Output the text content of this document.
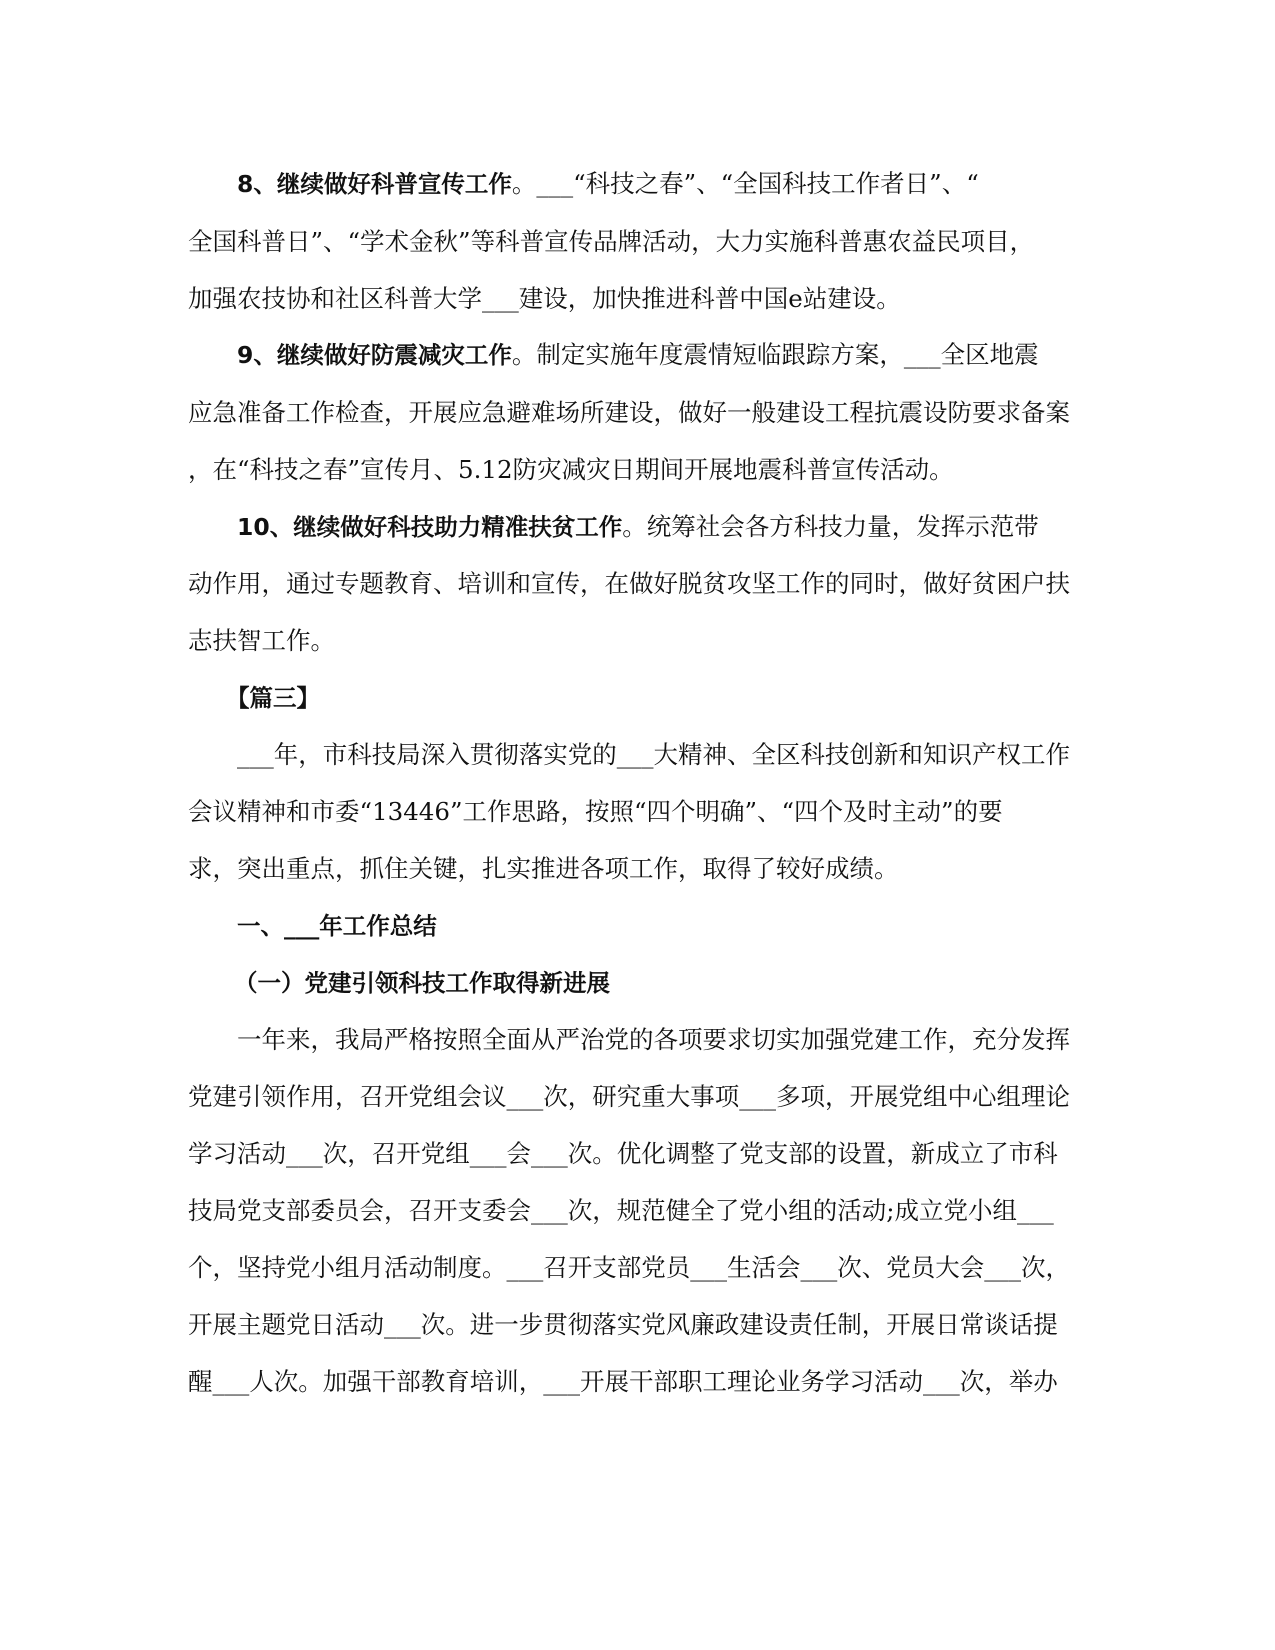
8、继续做好科普宣传工作。___“科技之春”、“全国科技工作者日”、“
全国科普日”、“学术金秋”等科普宣传品牌活动，大力实施科普惠农益民项目，
加强农技协和社区科普大学___建设，加快推进科普中国e站建设。
9、继续做好防震减灾工作。制定实施年度震情短临跟踪方案，___全区地震
应急准备工作检查，开展应急避难场所建设，做好一般建设工程抗震设防要求备案
，在“科技之春”宣传月、5.12防灾减灾日期间开展地震科普宣传活动。
10、继续做好科技助力精准扶贫工作。统筹社会各方科技力量，发挥示范带
动作用，通过专题教育、培训和宣传，在做好脱贫攻坚工作的同时，做好贫困户扶
志扶智工作。
【篇三】
___年，市科技局深入贯彻落实党的___大精神、全区科技创新和知识产权工作
会议精神和市委“13446”工作思路，按照“四个明确”、“四个及时主动”的要
求，突出重点，抓住关键，扎实推进各项工作，取得了较好成绩。
一、___年工作总结
（一）党建引领科技工作取得新进展
一年来，我局严格按照全面从严治党的各项要求切实加强党建工作，充分发挥
党建引领作用，召开党组会议___次，研究重大事项___多项，开展党组中心组理论
学习活动___次，召开党组___会___次。优化调整了党支部的设置，新成立了市科
技局党支部委员会，召开支委会___次，规范健全了党小组的活动;成立党小组___
个，坚持党小组月活动制度。___召开支部党员___生活会___次、党员大会___次，
开展主题党日活动___次。进一步贯彻落实党风廉政建设责任制，开展日常谈话提
醒___人次。加强干部教育培训，___开展干部职工理论业务学习活动___次，举办
